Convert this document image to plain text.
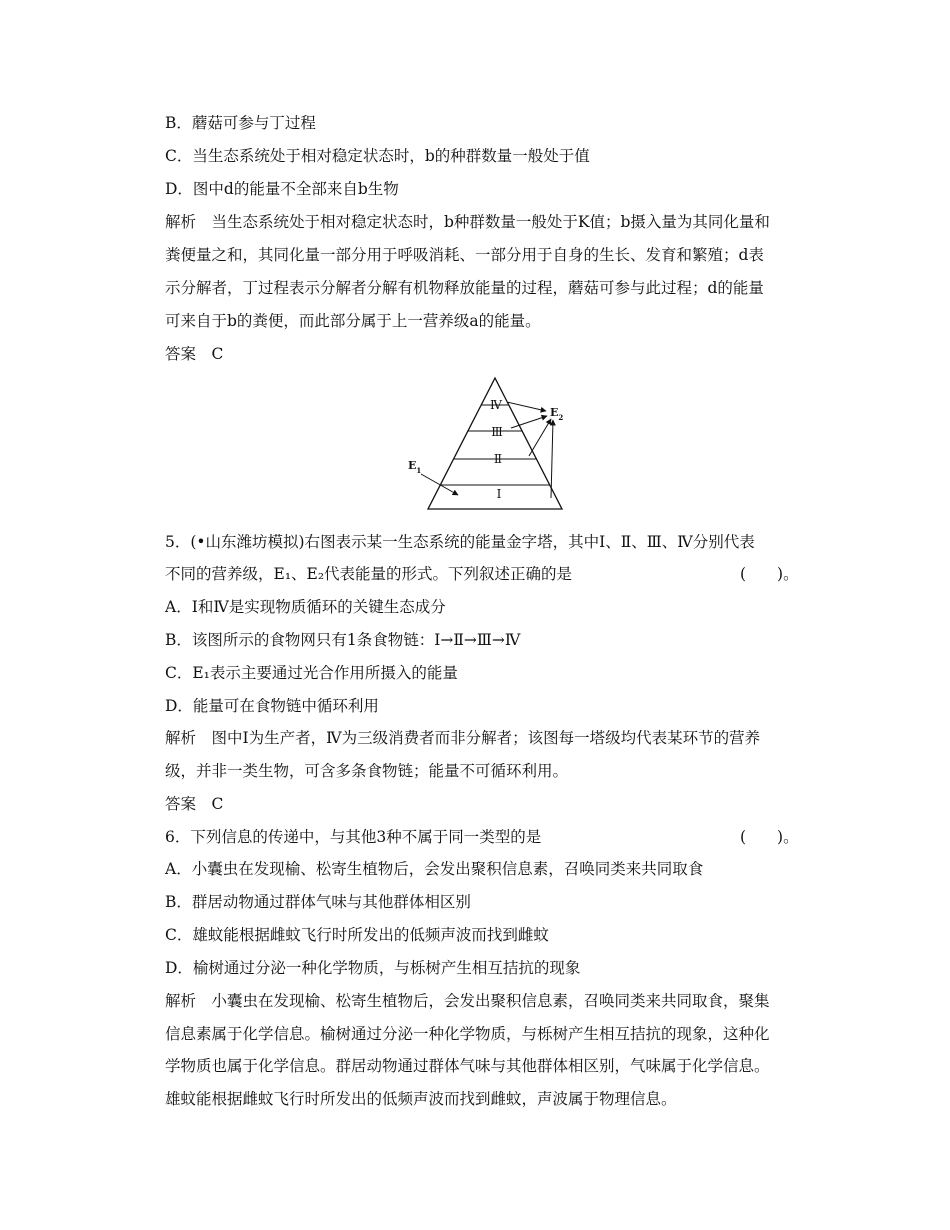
B．蘑菇可参与丁过程
C．当生态系统处于相对稳定状态时，b的种群数量一般处于值
D．图中d的能量不全部来自b生物
解析　当生态系统处于相对稳定状态时，b种群数量一般处于K值；b摄入量为其同化量和
粪便量之和，其同化量一部分用于呼吸消耗、一部分用于自身的生长、发育和繁殖；d表
示分解者，丁过程表示分解者分解有机物释放能量的过程，蘑菇可参与此过程；d的能量
可来自于b的粪便，而此部分属于上一营养级a的能量。
答案　C
Ⅳ
Ⅲ
Ⅱ
Ⅰ
$E_2$
$E_1$
5．(•山东潍坊模拟)右图表示某一生态系统的能量金字塔，其中Ⅰ、Ⅱ、Ⅲ、Ⅳ分别代表
不同的营养级，E₁、E₂代表能量的形式。下列叙述正确的是	(　　)。
A．Ⅰ和Ⅳ是实现物质循环的关键生态成分
B．该图所示的食物网只有1条食物链：Ⅰ→Ⅱ→Ⅲ→Ⅳ
C．E₁表示主要通过光合作用所摄入的能量
D．能量可在食物链中循环利用
解析　图中Ⅰ为生产者，Ⅳ为三级消费者而非分解者；该图每一塔级均代表某环节的营养
级，并非一类生物，可含多条食物链；能量不可循环利用。
答案　C
6．下列信息的传递中，与其他3种不属于同一类型的是	(　　)。
A．小囊虫在发现榆、松寄生植物后，会发出聚积信息素，召唤同类来共同取食
B．群居动物通过群体气味与其他群体相区别
C．雄蚊能根据雌蚊飞行时所发出的低频声波而找到雌蚊
D．榆树通过分泌一种化学物质，与栎树产生相互拮抗的现象
解析　小囊虫在发现榆、松寄生植物后，会发出聚积信息素，召唤同类来共同取食，聚集
信息素属于化学信息。榆树通过分泌一种化学物质，与栎树产生相互拮抗的现象，这种化
学物质也属于化学信息。群居动物通过群体气味与其他群体相区别，气味属于化学信息。
雄蚊能根据雌蚊飞行时所发出的低频声波而找到雌蚊，声波属于物理信息。
